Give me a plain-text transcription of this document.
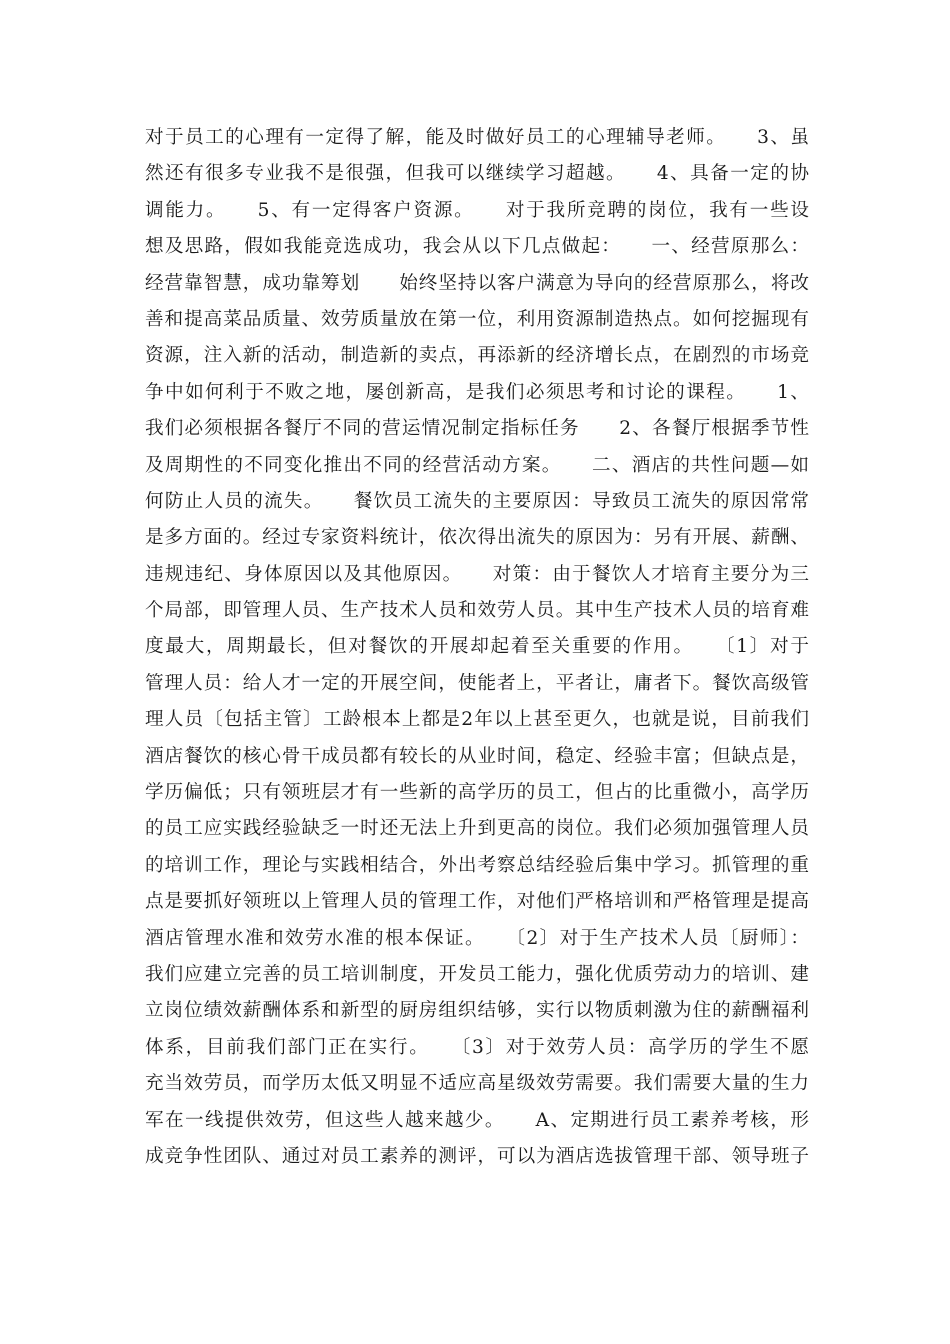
对于员工的心理有一定得了解，能及时做好员工的心理辅导老师。　　3、虽
然还有很多专业我不是很强，但我可以继续学习超越。　　4、具备一定的协
调能力。　　5、有一定得客户资源。　　对于我所竞聘的岗位，我有一些设
想及思路，假如我能竞选成功，我会从以下几点做起：　　一、经营原那么：
经营靠智慧，成功靠筹划　　始终坚持以客户满意为导向的经营原那么，将改
善和提高菜品质量、效劳质量放在第一位，利用资源制造热点。如何挖掘现有
资源，注入新的活动，制造新的卖点，再添新的经济增长点，在剧烈的市场竞
争中如何利于不败之地，屡创新高，是我们必须思考和讨论的课程。　　1、
我们必须根据各餐厅不同的营运情况制定指标任务　　2、各餐厅根据季节性
及周期性的不同变化推出不同的经营活动方案。　　二、酒店的共性问题—如
何防止人员的流失。　　餐饮员工流失的主要原因：导致员工流失的原因常常
是多方面的。经过专家资料统计，依次得出流失的原因为：另有开展、薪酬、
违规违纪、身体原因以及其他原因。　　对策：由于餐饮人才培育主要分为三
个局部，即管理人员、生产技术人员和效劳人员。其中生产技术人员的培育难
度最大，周期最长，但对餐饮的开展却起着至关重要的作用。　　〔1〕对于
管理人员：给人才一定的开展空间，使能者上，平者让，庸者下。餐饮高级管
理人员〔包括主管〕工龄根本上都是2年以上甚至更久，也就是说，目前我们
酒店餐饮的核心骨干成员都有较长的从业时间，稳定、经验丰富；但缺点是，
学历偏低；只有领班层才有一些新的高学历的员工，但占的比重微小，高学历
的员工应实践经验缺乏一时还无法上升到更高的岗位。我们必须加强管理人员
的培训工作，理论与实践相结合，外出考察总结经验后集中学习。抓管理的重
点是要抓好领班以上管理人员的管理工作，对他们严格培训和严格管理是提高
酒店管理水准和效劳水准的根本保证。　　〔2〕对于生产技术人员〔厨师〕：
我们应建立完善的员工培训制度，开发员工能力，强化优质劳动力的培训、建
立岗位绩效薪酬体系和新型的厨房组织结够，实行以物质刺激为住的薪酬福利
体系，目前我们部门正在实行。　　〔3〕对于效劳人员：高学历的学生不愿
充当效劳员，而学历太低又明显不适应高星级效劳需要。我们需要大量的生力
军在一线提供效劳，但这些人越来越少。　　A、定期进行员工素养考核，形
成竞争性团队、通过对员工素养的测评，可以为酒店选拔管理干部、领导班子
